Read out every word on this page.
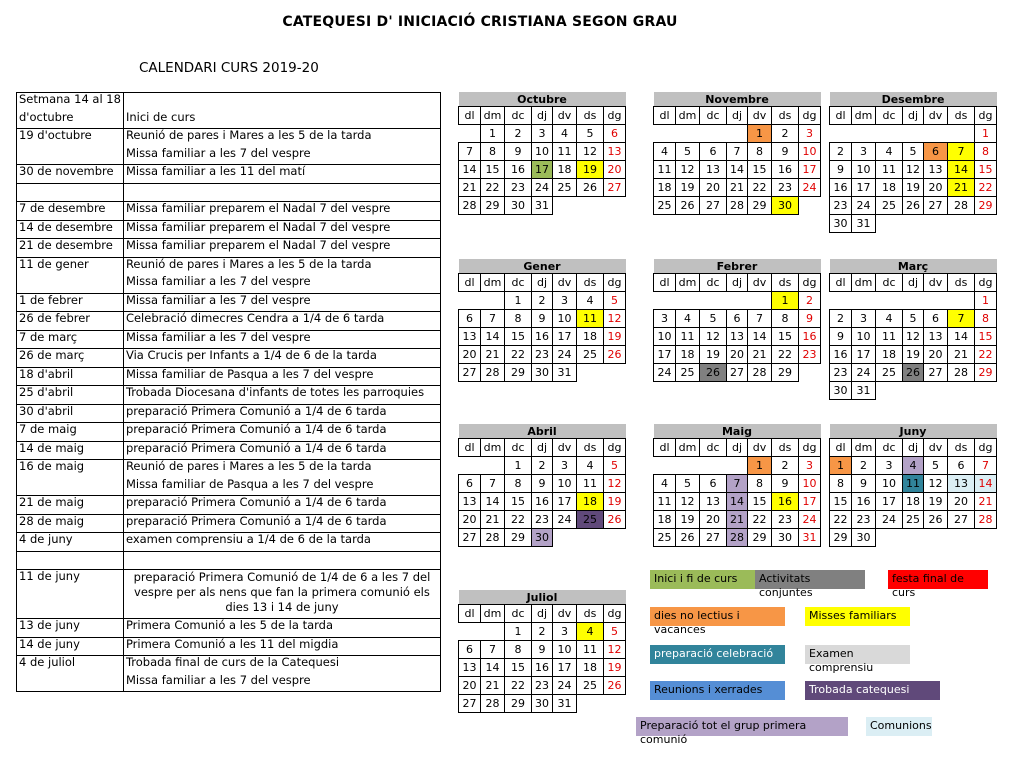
CATEQUESI D' INICIACIÓ CRISTIANA SEGON GRAU
CALENDARI CURS 2019-20
Setmana 14 al 18	
d'octubre	Inici de curs
19 d'octubre	Reunió de pares i Mares a les 5 de la tarda
	Missa familiar a les 7 del vespre
30 de novembre	Missa familiar a les 11 del matí

7 de desembre	Missa familiar preparem el Nadal 7 del vespre
14 de desembre	Missa familiar preparem el Nadal 7 del vespre
21 de desembre	Missa familiar preparem el Nadal 7 del vespre
11 de gener	Reunió de pares i Mares a les 5 de la tarda
	Missa familiar a les 7 del vespre
1 de febrer	Missa familiar a les 7 del vespre
26 de febrer	Celebració dimecres Cendra a 1/4 de 6 tarda
7 de març	Missa familiar a les 7 del vespre
26 de març	Via Crucis per Infants a 1/4 de 6 de la tarda
18 d'abril	Missa familiar de Pasqua a les 7 del vespre
25 d'abril	Trobada Diocesana d'infants de totes les parroquies
30 d'abril	preparació Primera Comunió a 1/4 de 6 tarda
7 de maig	preparació Primera Comunió a 1/4 de 6 tarda
14 de maig	preparació Primera Comunió a 1/4 de 6 tarda
16 de maig	Reunió de pares i Mares a les 5 de la tarda
	Missa familiar de Pasqua a les 7 del vespre
21 de maig	preparació Primera Comunió a 1/4 de 6 tarda
28 de maig	preparació Primera Comunió a 1/4 de 6 tarda
4 de juny	examen comprensiu a 1/4 de 6 de la tarda

11 de juny	preparació Primera Comunió de 1/4 de 6 a les 7 del vespre per als nens que fan la primera comunió els dies 13 i 14 de juny
13 de juny	Primera Comunió a les 5 de la tarda
14 de juny	Primera Comunió a les 11 del migdia
4 de juliol	Trobada final de curs de la Catequesi
	Missa familiar a les 7 del vespre
Octubre						
dl	dm	dc	dj	dv	ds	dg
	1	2	3	4	5	6
7	8	9	10	11	12	13
14	15	16	17	18	19	20
21	22	23	24	25	26	27
28	29	30	31			
Novembre						
dl	dm	dc	dj	dv	ds	dg
				1	2	3
4	5	6	7	8	9	10
11	12	13	14	15	16	17
18	19	20	21	22	23	24
25	26	27	28	29	30	
Desembre						
dl	dm	dc	dj	dv	ds	dg
						1
2	3	4	5	6	7	8
9	10	11	12	13	14	15
16	17	18	19	20	21	22
23	24	25	26	27	28	29
30	31					
Gener						
dl	dm	dc	dj	dv	ds	dg
		1	2	3	4	5
6	7	8	9	10	11	12
13	14	15	16	17	18	19
20	21	22	23	24	25	26
27	28	29	30	31		
Febrer						
dl	dm	dc	dj	dv	ds	dg
					1	2
3	4	5	6	7	8	9
10	11	12	13	14	15	16
17	18	19	20	21	22	23
24	25	26	27	28	29	
Març						
dl	dm	dc	dj	dv	ds	dg
						1
2	3	4	5	6	7	8
9	10	11	12	13	14	15
16	17	18	19	20	21	22
23	24	25	26	27	28	29
30	31					
Abril						
dl	dm	dc	dj	dv	ds	dg
		1	2	3	4	5
6	7	8	9	10	11	12
13	14	15	16	17	18	19
20	21	22	23	24	25	26
27	28	29	30			
Maig						
dl	dm	dc	dj	dv	ds	dg
				1	2	3
4	5	6	7	8	9	10
11	12	13	14	15	16	17
18	19	20	21	22	23	24
25	26	27	28	29	30	31
Juny						
dl	dm	dc	dj	dv	ds	dg
1	2	3	4	5	6	7
8	9	10	11	12	13	14
15	16	17	18	19	20	21
22	23	24	25	26	27	28
29	30					
Juliol						
dl	dm	dc	dj	dv	ds	dg
		1	2	3	4	5
6	7	8	9	10	11	12
13	14	15	16	17	18	19
20	21	22	23	24	25	26
27	28	29	30	31		
Inici i fi de curs	Activitats conjuntes
festa final de curs
dies no lectius i vacances
Misses familiars
preparació celebració	Examen comprensiu
Reunions i xerrades	Trobada catequesi
Preparació tot el grup primera comunió
Comunions
